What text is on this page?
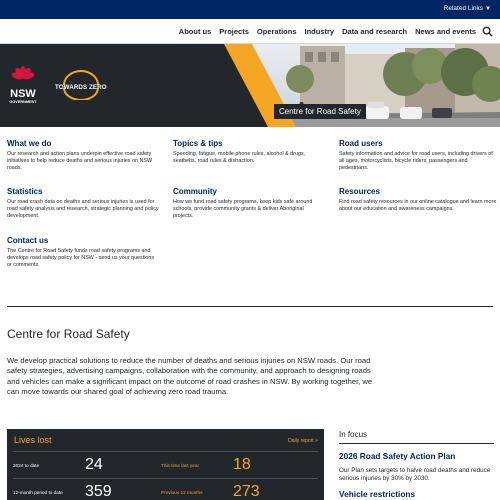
Related Links ▼
About us Projects Operations Industry Data and research News and events
Centre for Road Safety
NSW
GOVERNMENT
TOWARDS ZERO
What we do
Our research and action plans underpin effective road safety initiatives to help reduce deaths and serious injuries on NSW roads.
Topics & tips
Speeding, fatigue, mobile phone rules, alcohol & drugs, seatbelts, road rules & distraction.
Road users
Safety information and advice for road users, including drivers of all ages, motorcyclists, bicycle riders, passengers and pedestrians.
Statistics
Our road crash data on deaths and serious injuries is used for road safety analysis and research, strategic planning and policy development.
Community
How we fund road safety programs, keep kids safe around schools, provide community grants & deliver Aboriginal projects.
Resources
Find road safety resources in our online catalogue and learn more about our education and awareness campaigns.
Contact us
The Centre for Road Safety funds road safety programs and develops road safety policy for NSW - send us your questions or comments.
Centre for Road Safety
We develop practical solutions to reduce the number of deaths and serious injuries on NSW roads. Our road safety strategies, advertising campaigns, collaboration with the community, and approach to designing roads and vehicles can make a significant impact on the outcome of road crashes in NSW. By working together, we can move towards our shared goal of achieving zero road trauma.
Lives lost	Daily report >
2024 to date	24	This time last year 18
12-month period to date 359	Previous 12 months 273
In focus
2026 Road Safety Action Plan
Our Plan sets targets to halve road deaths and reduce serious injuries by 30% by 2030.
Vehicle restrictions
